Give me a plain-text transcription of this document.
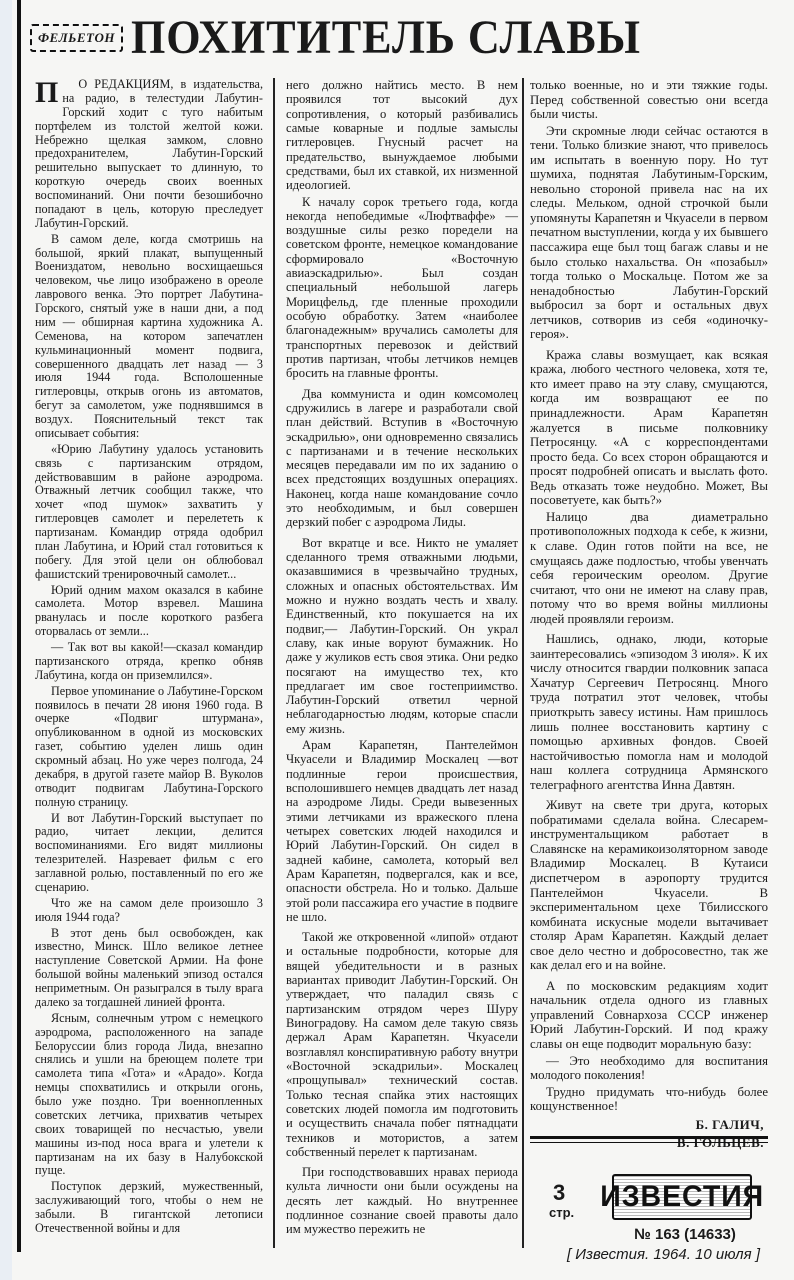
ФЕЛЬЕТОН ПОХИТИТЕЛЬ СЛАВЫ

П О РЕДАКЦИЯМ, в издательства, на радио, в телестудии Лабутин-Горский ходит с туго набитым портфелем из толстой желтой кожи. Небрежно щелкая замком, словно предохранителем, Лабутин-Горский решительно выпускает то длинную, то короткую очередь своих военных воспоминаний. Они почти безошибочно попадают в цель, которую преследует Лабутин-Горский.

В самом деле, когда смотришь на большой, яркий плакат, выпущенный Воениздатом, невольно восхищаешься человеком, чье лицо изображено в ореоле лаврового венка. Это портрет Лабутина-Горского, снятый уже в наши дни, а под ним — обширная картина художника А. Семенова, на котором запечатлен кульминационный момент подвига, совершенного двадцать лет назад — 3 июля 1944 года. Всполошенные гитлеровцы, открыв огонь из автоматов, бегут за самолетом, уже поднявшимся в воздух. Пояснительный текст так описывает события:

«Юрию Лабутину удалось установить связь с партизанским отрядом, действовавшим в районе аэродрома. Отважный летчик сообщил также, что хочет «под шумок» захватить у гитлеровцев самолет и перелететь к партизанам. Командир отряда одобрил план Лабутина, и Юрий стал готовиться к побегу. Для этой цели он облюбовал фашистский тренировочный самолет...

Юрий одним махом оказался в кабине самолета. Мотор взревел. Машина рванулась и после короткого разбега оторвалась от земли...

— Так вот вы какой!—сказал командир партизанского отряда, крепко обняв Лабутина, когда он приземлился».

Первое упоминание о Лабутине-Горском появилось в печати 28 июня 1960 года. В очерке «Подвиг штурмана», опубликованном в одной из московских газет, событию уделен лишь один скромный абзац. Но уже через полгода, 24 декабря, в другой газете майор В. Вуколов отводит подвигам Лабутина-Горского полную страницу.

И вот Лабутин-Горский выступает по радио, читает лекции, делится воспоминаниями. Его видят миллионы телезрителей. Назревает фильм с его заглавной ролью, поставленный по его же сценарию.

Что же на самом деле произошло 3 июля 1944 года?

В этот день был освобожден, как известно, Минск. Шло великое летнее наступление Советской Армии. На фоне большой войны маленький эпизод остался неприметным. Он разыгрался в тылу врага далеко за тогдашней линией фронта.

Ясным, солнечным утром с немецкого аэродрома, расположенного на западе Белоруссии близ города Лида, внезапно снялись и ушли на бреющем полете три самолета типа «Гота» и «Арадо». Когда немцы спохватились и открыли огонь, было уже поздно. Три военнопленных советских летчика, прихватив четырех своих товарищей по несчастью, увели машины из-под носа врага и улетели к партизанам на их базу в Налубокской пуще.

Поступок дерзкий, мужественный, заслуживающий того, чтобы о нем не забыли. В гигантской летописи Отечественной войны и для

него должно найтись место. В нем проявился тот высокий дух сопротивления, о который разбивались самые коварные и подлые замыслы гитлеровцев. Гнусный расчет на предательство, вынуждаемое любыми средствами, был их ставкой, их низменной идеологией.

К началу сорок третьего года, когда некогда непобедимые «Люфтваффе» — воздушные силы резко поредели на советском фронте, немецкое командование сформировало «Восточную авиаэскадрилью». Был создан специальный небольшой лагерь Морицфельд, где пленные проходили особую обработку. Затем «наиболее благонадежным» вручались самолеты для транспортных перевозок и действий против партизан, чтобы летчиков немцев бросить на главные фронты.

Два коммуниста и один комсомолец сдружились в лагере и разработали свой план действий. Вступив в «Восточную эскадрилью», они одновременно связались с партизанами и в течение нескольких месяцев передавали им по их заданию о всех предстоящих воздушных операциях. Наконец, когда наше командование сочло это необходимым, и был совершен дерзкий побег с аэродрома Лиды.

Вот вкратце и все. Никто не умаляет сделанного тремя отважными людьми, оказавшимися в чрезвычайно трудных, сложных и опасных обстоятельствах. Им можно и нужно воздать честь и хвалу. Единственный, кто покушается на их подвиг,— Лабутин-Горский. Он украл славу, как иные воруют бумажник. Но даже у жуликов есть своя этика. Они редко посягают на имущество тех, кто предлагает им свое гостеприимство. Лабутин-Горский ответил черной неблагодарностью людям, которые спасли ему жизнь.

Арам Карапетян, Пантелеймон Чкуасели и Владимир Москалец —вот подлинные герои происшествия, всполошившего немцев двадцать лет назад на аэродроме Лиды. Среди вывезенных этими летчиками из вражеского плена четырех советских людей находился и Юрий Лабутин-Горский. Он сидел в задней кабине, самолета, который вел Арам Карапетян, подвергался, как и все, опасности обстрела. Но и только. Дальше этой роли пассажира его участие в подвиге не шло.

Такой же откровенной «липой» отдают и остальные подробности, которые для вящей убедительности и в разных вариантах приводит Лабутин-Горский. Он утверждает, что паладил связь с партизанским отрядом через Шуру Виноградову. На самом деле такую связь держал Арам Карапетян. Чкуасели возглавлял конспиративную работу внутри «Восточной эскадрильи». Москалец «прощупывал» технический состав. Только тесная спайка этих настоящих советских людей помогла им подготовить и осуществить сначала побег пятнадцати техников и мотористов, а затем собственный перелет к партизанам.

При господствовавших нравах периода культа личности они были осуждены на десять лет каждый. Но внутреннее подлинное сознание своей правоты дало им мужество пережить не

только военные, но и эти тяжкие годы. Перед собственной совестью они всегда были чисты.

Эти скромные люди сейчас остаются в тени. Только близкие знают, что привелось им испытать в военную пору. Но тут шумиха, поднятая Лабутиным-Горским, невольно стороной привела нас на их следы. Мельком, одной строчкой были упомянуты Карапетян и Чкуасели в первом печатном выступлении, когда у их бывшего пассажира еще был тощ багаж славы и не было столько нахальства. Он «позабыл» тогда только о Москальце. Потом же за ненадобностью Лабутин-Горский выбросил за борт и остальных двух летчиков, сотворив из себя «одиночку-героя».

Кража славы возмущает, как всякая кража, любого честного человека, хотя те, кто имеет право на эту славу, смущаются, когда им возвращают ее по принадлежности. Арам Карапетян жалуется в письме полковнику Петросянцу. «А с корреспондентами просто беда. Со всех сторон обращаются и просят подробней описать и выслать фото. Ведь отказать тоже неудобно. Может, Вы посоветуете, как быть?»

Налицо два диаметрально противоположных подхода к себе, к жизни, к славе. Один готов пойти на все, не смущаясь даже подлостью, чтобы увенчать себя героическим ореолом. Другие считают, что они не имеют на славу прав, потому что во время войны миллионы людей проявляли героизм.

Нашлись, однако, люди, которые заинтересовались «эпизодом 3 июля». К их числу относится гвардии полковник запаса Хачатур Сергеевич Петросянц. Много труда потратил этот человек, чтобы приоткрыть завесу истины. Нам пришлось лишь полнее восстановить картину с помощью архивных фондов. Своей настойчивостью помогла нам и молодой наш коллега сотрудница Армянского телеграфного агентства Инна Давтян.

Живут на свете три друга, которых побратимами сделала война. Слесарем-инструментальщиком работает в Славянске на керамикоизоляторном заводе Владимир Москалец. В Кутаиси диспетчером в аэропорту трудится Пантелеймон Чкуасели. В экспериментальном цехе Тбилисского комбината искусные модели вытачивает столяр Арам Карапетян. Каждый делает свое дело честно и добросовестно, так же как делал его и на войне.

А по московским редакциям ходит начальник отдела одного из главных управлений Совнархоза СССР инженер Юрий Лабутин-Горский. И под кражу славы он еще подводит моральную базу:

— Это необходимо для воспитания молодого поколения!

Трудно придумать что-нибудь более кощунственное!

Б. ГАЛИЧ,
В. ГОЛЬЦЕВ.
3
стр. ИЗВЕСТИЯ
№ 163 (14633)
[ Известия. 1964. 10 июля ]
